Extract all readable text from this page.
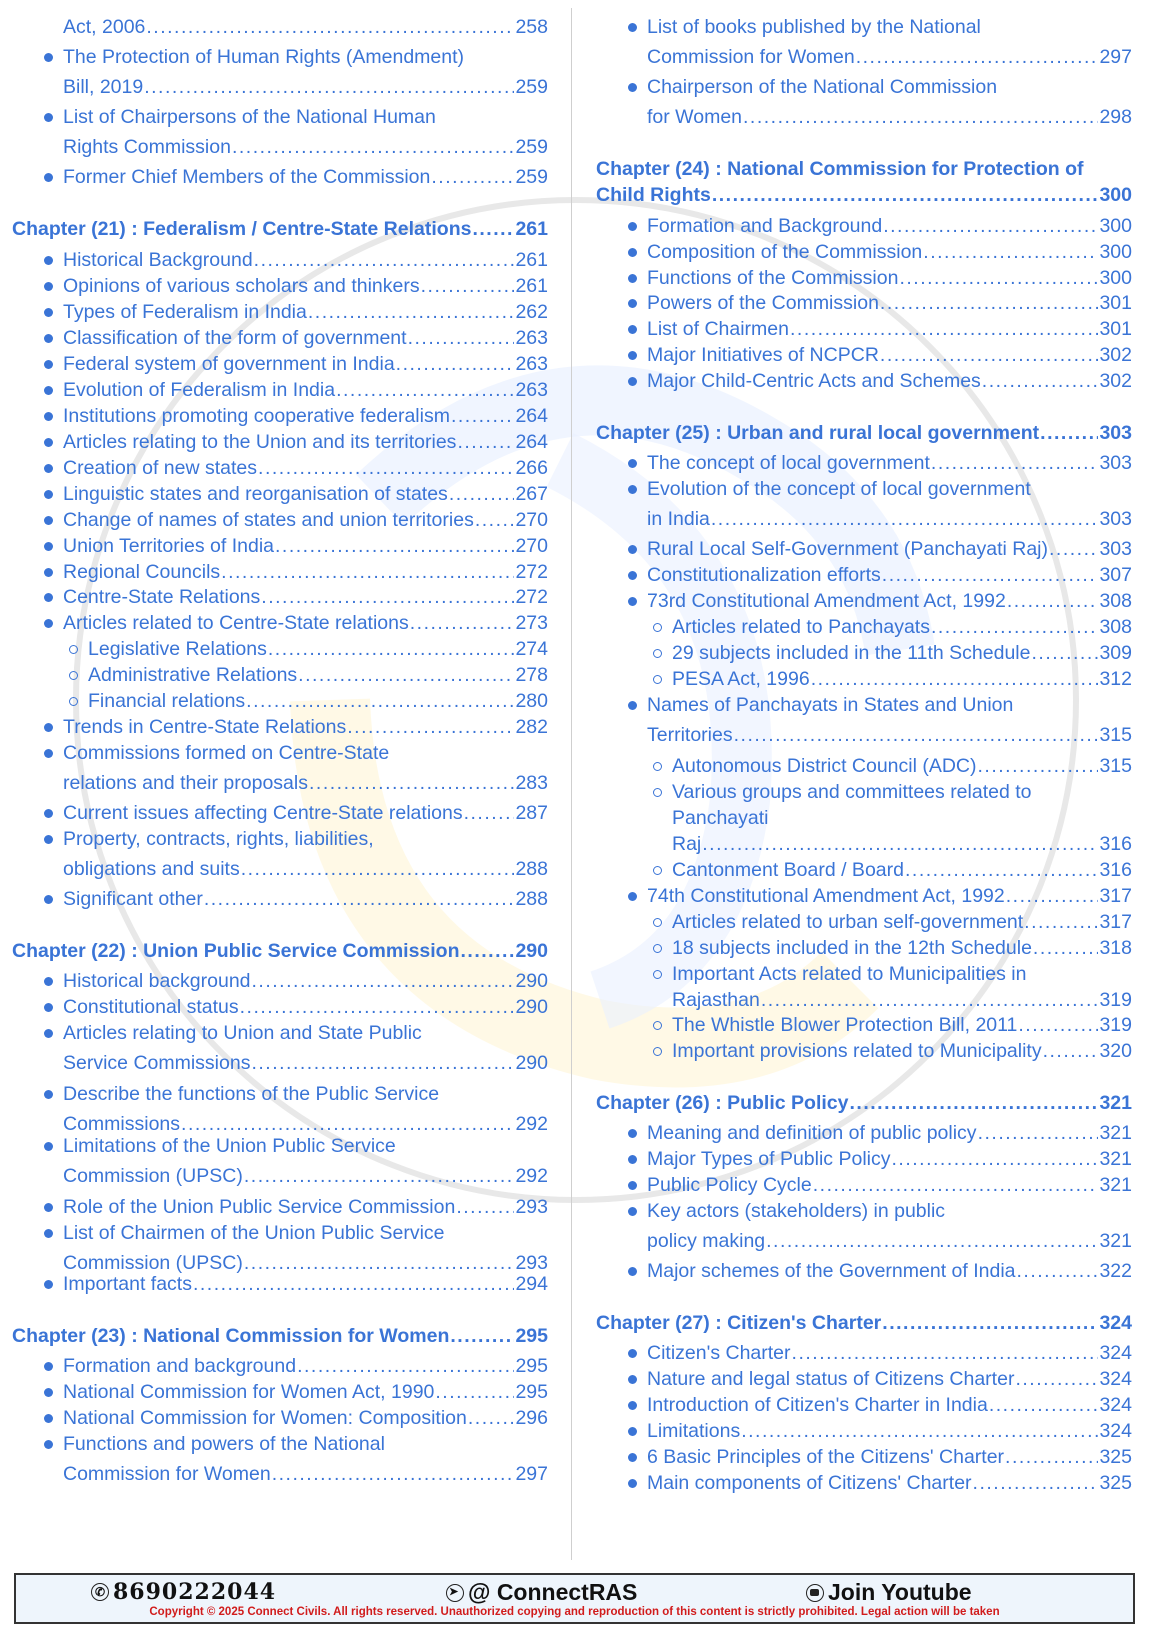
Act, 2006 .....	258
The Protection of Human Rights (Amendment)
Bill, 2019 .....	259
List of Chairpersons of the National Human
Rights Commission .....	259
Former Chief Members of the Commission .....	259
Chapter (21) : Federalism / Centre-State Relations ..... 261
Historical Background .....	261
Opinions of various scholars and thinkers .....	261
Types of Federalism in India .....	262
Classification of the form of government .....	263
Federal system of government in India .....	263
Evolution of Federalism in India .....	263
Institutions promoting cooperative federalism .....	264
Articles relating to the Union and its territories .....	264
Creation of new states .....	266
Linguistic states and reorganisation of states .....	267
Change of names of states and union territories ..... 270
Union Territories of India .....	270
Regional Councils .....	272
Centre-State Relations .....	272
Articles related to Centre-State relations .....	273
Legislative Relations .....	274
Administrative Relations .....	278
Financial relations .....	280
Trends in Centre-State Relations .....	282
Commissions formed on Centre-State
relations and their proposals .....	283
Current issues affecting Centre-State relations .....	287
Property, contracts, rights, liabilities,
obligations and suits .....	288
Significant other .....	288
Chapter (22) : Union Public Service Commission .....	290
Historical background .....	290
Constitutional status .....	290
Articles relating to Union and State Public
Service Commissions .....	290
Describe the functions of the Public Service
Commissions .....	292
Limitations of the Union Public Service
Commission (UPSC) .....	292
Role of the Union Public Service Commission .....	293
List of Chairmen of the Union Public Service
Commission (UPSC) .....	293
Important facts .....	294
Chapter (23) : National Commission for Women .....	295
Formation and background .....	295
National Commission for Women Act, 1990 .....	295
National Commission for Women: Composition ..... 296
Functions and powers of the National
Commission for Women .....	297
List of books published by the National
Commission for Women .....	297
Chairperson of the National Commission
for Women .....	298
Chapter (24) : National Commission for Protection of
Child Rights .....	300
Formation and Background .....	300
Composition of the Commission .....	300
Functions of the Commission .....	300
Powers of the Commission .....	301
List of Chairmen .....	301
Major Initiatives of NCPCR .....	302
Major Child-Centric Acts and Schemes .....	302
Chapter (25) : Urban and rural local government .....	303
The concept of local government .....	303
Evolution of the concept of local government
in India .....	303
Rural Local Self-Government (Panchayati Raj) .....	303
Constitutionalization efforts .....	307
73rd Constitutional Amendment Act, 1992 .....	308
Articles related to Panchayats .....	308
29 subjects included in the 11th Schedule .....	309
PESA Act, 1996 .....	312
Names of Panchayats in States and Union
Territories .....	315
Autonomous District Council (ADC) .....	315
Various groups and committees related to
Panchayati
Raj .....	316
Cantonment Board / Board .....	316
74th Constitutional Amendment Act, 1992 .....	317
Articles related to urban self-government .....	317
18 subjects included in the 12th Schedule .....	318
Important Acts related to Municipalities in
Rajasthan .....	319
The Whistle Blower Protection Bill, 2011 .....	319
Important provisions related to Municipality .....	320
Chapter (26) : Public Policy .....	321
Meaning and definition of public policy .....	321
Major Types of Public Policy .....	321
Public Policy Cycle .....	321
Key actors (stakeholders) in public
policy making .....	321
Major schemes of the Government of India .....	322
Chapter (27) : Citizen's Charter .....	324
Citizen's Charter .....	324
Nature and legal status of Citizens Charter .....	324
Introduction of Citizen's Charter in India .....	324
Limitations .....	324
6 Basic Principles of the Citizens' Charter .....	325
Main components of Citizens' Charter .....	325
✆ 8690222044	➤ @ ConnectRAS	Join Youtube
Copyright © 2025 Connect Civils. All rights reserved. Unauthorized copying and reproduction of this content is strictly prohibited. Legal action will be taken
